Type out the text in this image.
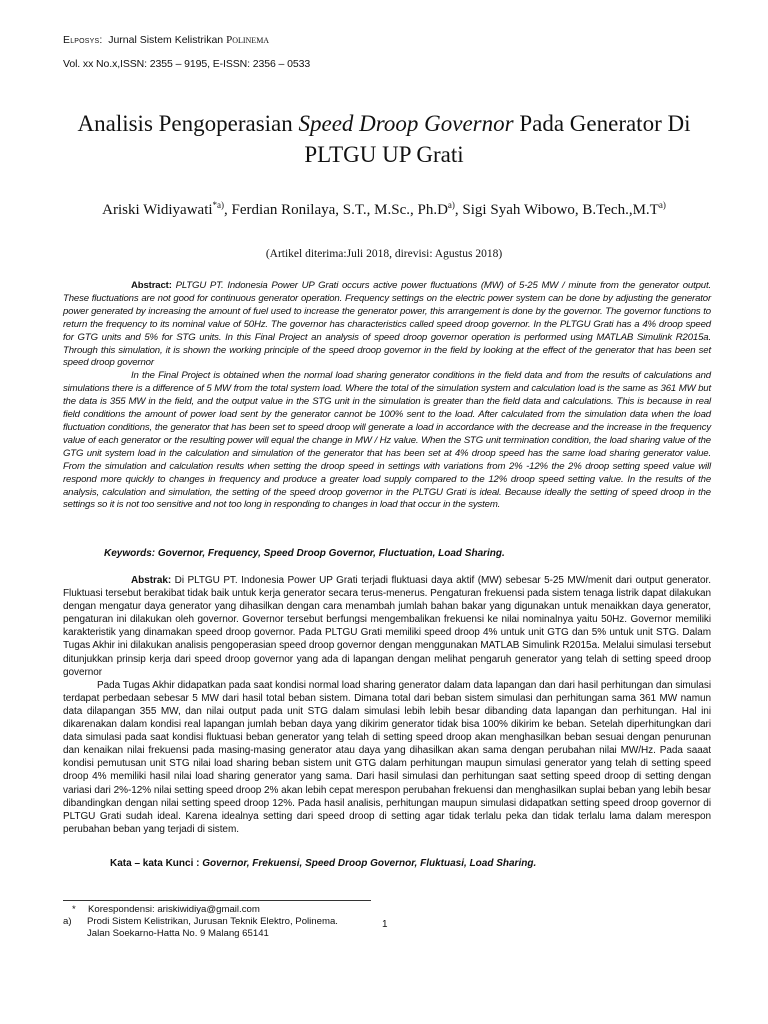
Elposys:  Jurnal Sistem Kelistrikan Polinema
Vol. xx No.x,ISSN: 2355 – 9195, E-ISSN: 2356 – 0533
Analisis Pengoperasian Speed Droop Governor Pada Generator Di PLTGU UP Grati
Ariski Widiyawati$^{*a)}$, Ferdian Ronilaya, S.T., M.Sc., $Ph.D^{a)}$, Sigi Syah Wibowo, $B.Tech.,M.T^{a)}$
(Artikel diterima:Juli 2018, direvisi: Agustus 2018)

Abstract: PLTGU PT. Indonesia Power UP Grati occurs active power fluctuations (MW) of 5-25 MW / minute from the generator output. These fluctuations are not good for continuous generator operation. Frequency settings on the electric power system can be done by adjusting the generator power generated by increasing the amount of fuel used to increase the generator power, this arrangement is done by the governor. The governor functions to return the frequency to its nominal value of 50Hz. The governor has characteristics called speed droop governor. In the PLTGU Grati has a 4% droop speed for GTG units and 5% for STG units. In this Final Project an analysis of speed droop governor operation is performed using MATLAB Simulink R2015a. Through this simulation, it is shown the working principle of the speed droop governor in the field by looking at the effect of the generator that has been set speed droop governor

In the Final Project is obtained when the normal load sharing generator conditions in the field data and from the results of calculations and simulations there is a difference of 5 MW from the total system load. Where the total of the simulation system and calculation load is the same as 361 MW but the data is 355 MW in the field, and the output value in the STG unit in the simulation is greater than the field data and calculations. This is because in real field conditions the amount of power load sent by the generator cannot be 100% sent to the load. After calculated from the simulation data when the load fluctuation conditions, the generator that has been set to speed droop will generate a load in accordance with the decrease and the increase in the frequency value of each generator or the resulting power will equal the change in MW / Hz value. When the STG unit termination condition, the load sharing value of the GTG unit system load in the calculation and simulation of the generator that has been set at 4% droop speed has the same load sharing generator value. From the simulation and calculation results when setting the droop speed in settings with variations from 2% -12% the 2% droop setting speed value will respond more quickly to changes in frequency and produce a greater load supply compared to the 12% droop speed setting value. In the results of the analysis, calculation and simulation, the setting of the speed droop governor in the PLTGU Grati is ideal. Because ideally the setting of speed droop in the settings so it is not too sensitive and not too long in responding to changes in load that occur in the system.

Keywords: Governor, Frequency, Speed Droop Governor, Fluctuation, Load Sharing.

Abstrak: Di PLTGU PT. Indonesia Power UP Grati terjadi fluktuasi daya aktif (MW) sebesar 5-25 MW/menit dari output generator. Fluktuasi tersebut berakibat tidak baik untuk kerja generator secara terus-menerus. Pengaturan frekuensi pada sistem tenaga listrik dapat dilakukan dengan mengatur daya generator yang dihasilkan dengan cara menambah jumlah bahan bakar yang digunakan untuk menaikkan daya generator, pengaturan ini dilakukan oleh governor. Governor tersebut berfungsi mengembalikan frekuensi ke nilai nominalnya yaitu 50Hz. Governor memiliki karakteristik yang dinamakan speed droop governor. Pada PLTGU Grati memiliki speed droop 4% untuk unit GTG dan 5% untuk unit STG. Dalam Tugas Akhir ini dilakukan analisis pengoperasian speed droop governor dengan menggunakan MATLAB Simulink R2015a. Melalui simulasi tersebut ditunjukkan prinsip kerja dari speed droop governor yang ada di lapangan dengan melihat pengaruh generator yang telah di setting speed droop governor

Pada Tugas Akhir didapatkan pada saat kondisi normal load sharing generator dalam data lapangan dan dari hasil perhitungan dan simulasi terdapat perbedaan sebesar 5 MW dari hasil total beban sistem. Dimana total dari beban sistem simulasi dan perhitungan sama 361 MW namun data dilapangan 355 MW, dan nilai output pada unit STG dalam simulasi lebih lebih besar dibanding data lapangan dan perhitungan. Hal ini dikarenakan dalam kondisi real lapangan jumlah beban daya yang dikirim generator tidak bisa 100% dikirim ke beban. Setelah diperhitungkan dari data simulasi pada saat kondisi fluktuasi beban generator yang telah di setting speed droop akan menghasilkan beban sesuai dengan penurunan dan kenaikan nilai frekuensi pada masing-masing generator atau daya yang dihasilkan akan sama dengan perubahan nilai MW/Hz. Pada saaat kondisi pemutusan unit STG nilai load sharing beban sistem unit GTG dalam perhitungan maupun simulasi generator yang telah di setting speed droop 4% memiliki hasil nilai load sharing generator yang sama. Dari hasil simulasi dan perhitungan saat setting speed droop di setting dengan variasi dari 2%-12% nilai setting speed droop 2% akan lebih cepat merespon perubahan frekuensi dan menghasilkan suplai beban yang lebih besar dibandingkan dengan nilai setting speed droop 12%. Pada hasil analisis, perhitungan maupun simulasi didapatkan setting speed droop governor di PLTGU Grati sudah ideal. Karena idealnya setting dari speed droop di setting agar tidak terlalu peka dan tidak terlalu lama dalam merespon perubahan beban yang terjadi di sistem.

Kata – kata Kunci : Governor, Frekuensi, Speed Droop Governor, Fluktuasi, Load Sharing.
*	Korespondensi: ariskiwidiya@gmail.com
a)	Prodi Sistem Kelistrikan, Jurusan Teknik Elektro, Polinema.
Jalan Soekarno-Hatta No. 9 Malang 65141
1
